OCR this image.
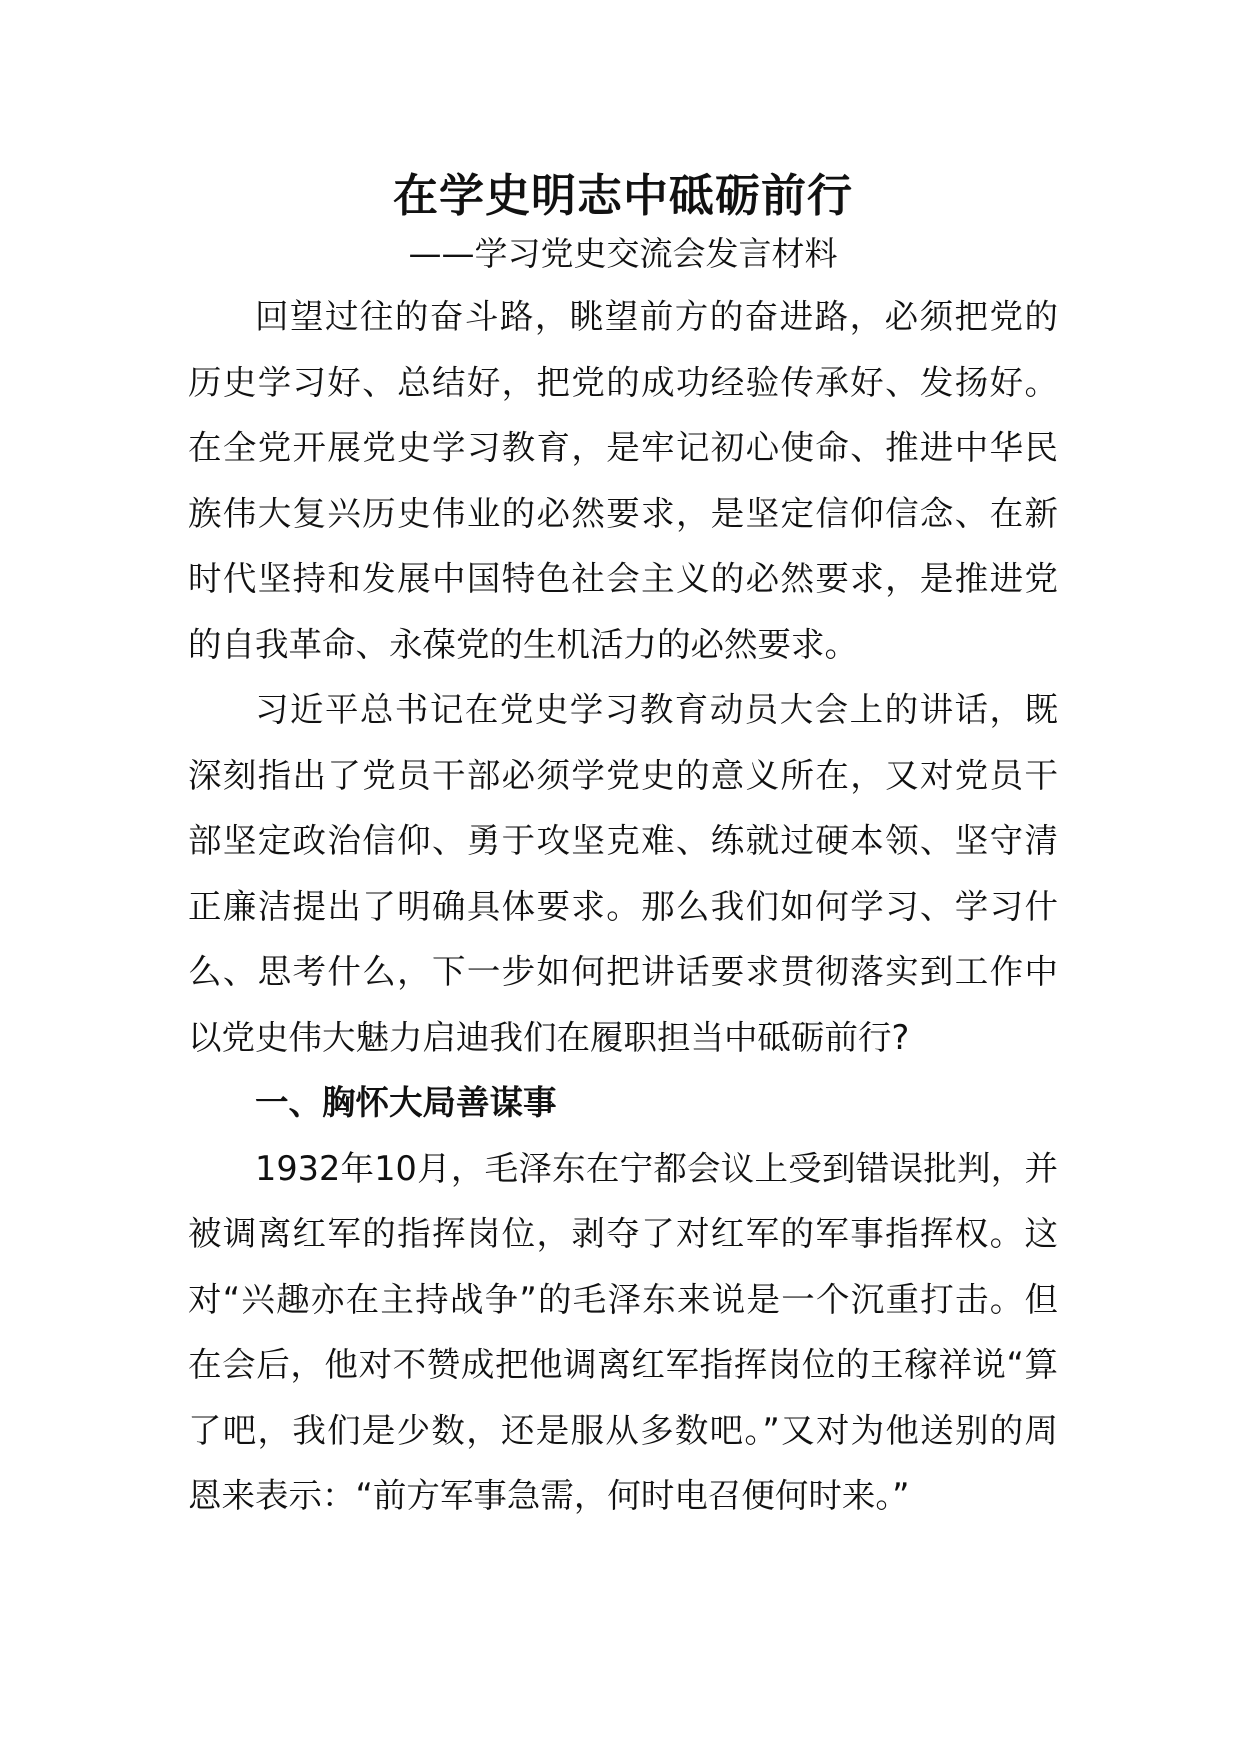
在学史明志中砥砺前行

——学习党史交流会发言材料

回望过往的奋斗路，眺望前方的奋进路，必须把党的历史学习好、总结好，把党的成功经验传承好、发扬好。在全党开展党史学习教育，是牢记初心使命、推进中华民族伟大复兴历史伟业的必然要求，是坚定信仰信念、在新时代坚持和发展中国特色社会主义的必然要求，是推进党的自我革命、永葆党的生机活力的必然要求。

习近平总书记在党史学习教育动员大会上的讲话，既深刻指出了党员干部必须学党史的意义所在，又对党员干部坚定政治信仰、勇于攻坚克难、练就过硬本领、坚守清正廉洁提出了明确具体要求。那么我们如何学习、学习什么、思考什么，下一步如何把讲话要求贯彻落实到工作中以党史伟大魅力启迪我们在履职担当中砥砺前行?

一、胸怀大局善谋事

1932年10月，毛泽东在宁都会议上受到错误批判，并被调离红军的指挥岗位，剥夺了对红军的军事指挥权。这对“兴趣亦在主持战争”的毛泽东来说是一个沉重打击。但在会后，他对不赞成把他调离红军指挥岗位的王稼祥说“算了吧，我们是少数，还是服从多数吧。”又对为他送别的周恩来表示：“前方军事急需，何时电召便何时来。”
